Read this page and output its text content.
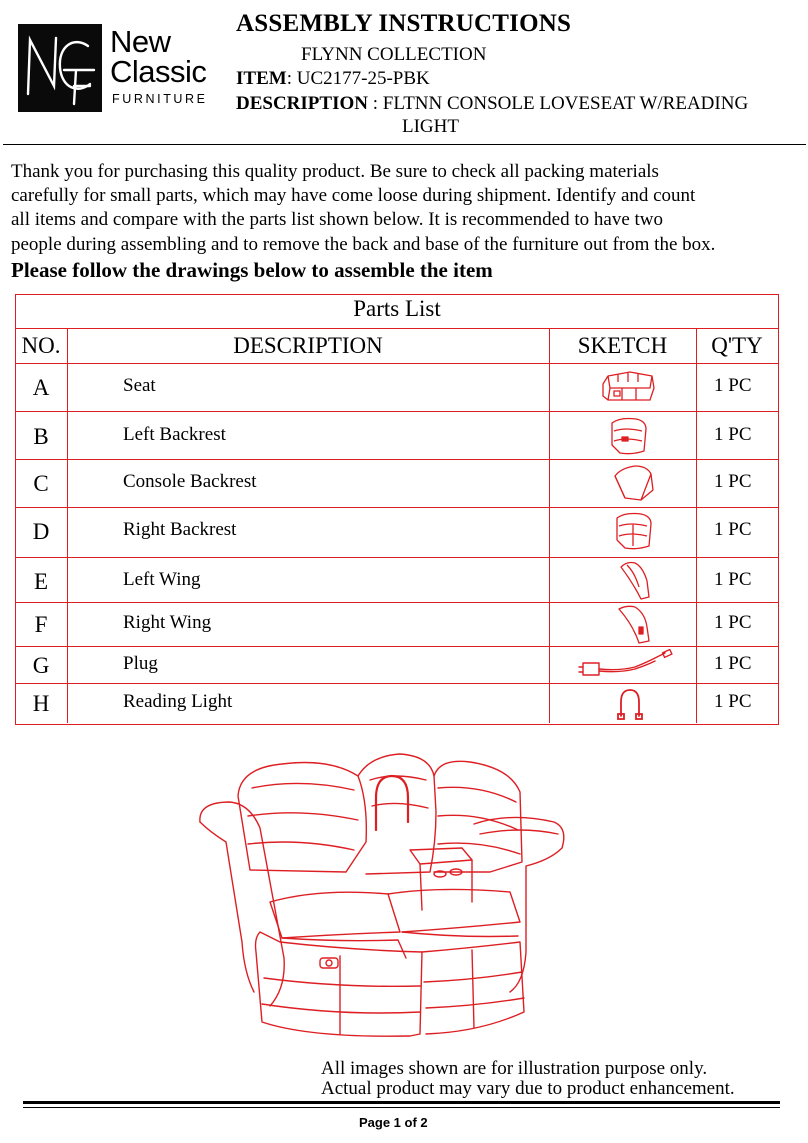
New
Classic
FURNITURE
ASSEMBLY INSTRUCTIONS
FLYNN COLLECTION
ITEM: UC2177-25-PBK
DESCRIPTION : FLTNN CONSOLE LOVESEAT W/READING
LIGHT

Thank you for purchasing this quality product. Be sure to check all packing materials

carefully for small parts, which may have come loose during shipment. Identify and count

all items and compare with the parts list shown below. It is recommended to have two

people during assembling and to remove the back and base of the furniture out from the box.

Please follow the drawings below to assemble the item
Parts List
NO.	DESCRIPTION	SKETCH	Q'TY
A	Seat	1 PC
B	Left Backrest	1 PC
C	Console Backrest	1 PC
D	Right Backrest	1 PC
E	Left Wing	1 PC
F	Right Wing	1 PC
G	Plug	1 PC
H	Reading Light	1 PC
All images shown are for illustration purpose only.
Actual product may vary due to product enhancement.
Page 1 of 2
